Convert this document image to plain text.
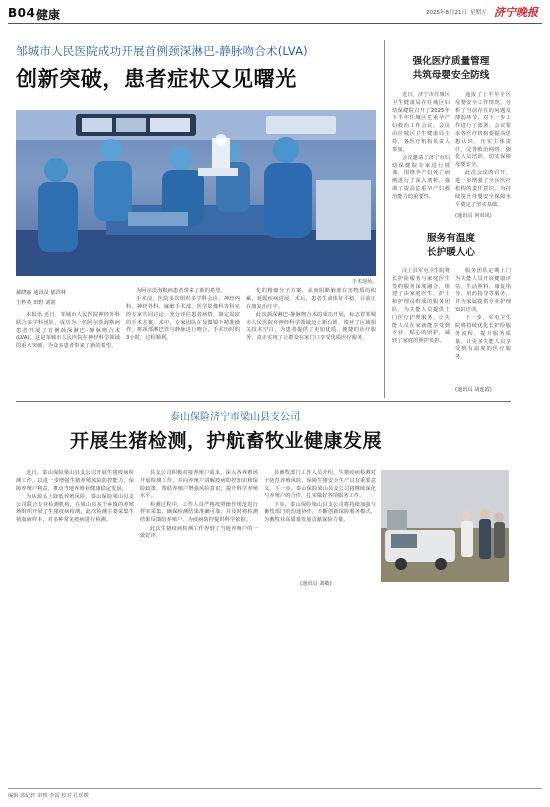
B04 健康	2025年8月21日 星期五 济宁晚报
邹城市人民医院成功开展首例颈深淋巴-静脉吻合术(LVA)
创新突破，患者症状又见曙光
手术现场。
郝晓丽 通讯员 郁洪林
王秒英 田野 刘润

本报讯 近日，邹城市人民医院神经外科联合多学科团队，成功为一名阿尔茨海默病患者开展了首例颈深淋巴-静脉吻合术(LVA)。这是邹城市人民医院在神经科学领域的重大突破，为众多患者带来了新的希望。

为阿尔茨海默病患者带来了新的希望。

手术前，医院多次组织多学科会诊，神经内科、神经外科、麻醉手术部、医学影像科等科室的专家共同讨论，充分评估患者病情，制定周密的手术方案。术中，专家团队在显微镜下精准操作，将颈部淋巴管与静脉进行吻合，手术历时约3小时，过程顺利。

化的精细分子方案，从而阻断脑部有害物质的积累，延缓疾病进展。术后，患者生命体征平稳，目前正在康复治疗中。

此次颈深淋巴-静脉吻合术的成功开展，标志着邹城市人民医院在神经科学领域迈上新台阶，填补了区域相关技术空白，为患者提供了更加优质、便捷的诊疗服务，真正实现了让群众在家门口享受优质医疗服务。

强化医疗质量管理
共筑母婴安全防线

近日，济宁市任城区卫生健康局在任城区妇幼保健院召开了2025年下半年任城区危重孕产妇救治工作会议。会议由任城区卫生健康局主持，各医疗机构负责人参加。

会议邀请了济宁市妇幼保健院专家进行授课，围绕孕产妇死亡病例进行了深入剖析，强调了提高危重孕产妇救治能力的重要性。

通报了上半年全区母婴安全工作情况，分析了当前存在的问题及薄弱环节，对下一步工作进行了部署。会议要求各医疗机构要提高思想认识，压实主体责任，完善救治网络，强化人员培训，切实保障母婴安全。

此次会议的召开，进一步增强了全区医疗机构的责任意识，为持续提升母婴安全保障水平奠定了坚实基础。

(通讯员 何双凤)
服务有温度
长护暖人心

汶上县军屯卫生院将长护险服务与家庭医生签约服务深度融合，组建了由家庭医生、护士和护理员组成的服务团队，为失能人员提供上门医疗护理服务，让失能人员在家就能享受到专业、贴心的照护，减轻了家庭的照护负担。

服务团队定期上门为失能人员开展健康评估、生活照料、康复指导、用药指导等服务，并为家属提供专业护理知识培训。

下一步，军屯卫生院将持续优化长护险服务流程，提升服务质量，让更多失能人员享受到有温度的医疗服务。

(通讯员 胡连霞)
泰山保险济宁市梁山县支公司
开展生猪检测，护航畜牧业健康发展

近日，泰山保险梁山县支公司开展生猪疫病检测工作，以进一步增强生猪养殖风险防控能力，保障养殖户利益，推动当地养殖业健康稳定发展。

为从源头上降低养殖风险，泰山保险梁山县支公司联合专业检测机构，在梁山县多个乡镇的养殖场组织开展了生猪疫病检测。此次检测主要采集生猪血液样本，对多种常见疫病进行检测。

县支公司积极对接养殖户需求，深入各养殖场开展检测工作，并向养殖户讲解疫病防控知识和保险政策，帮助养殖户增强风险意识，提升科学养殖水平。

检测过程中，工作人员严格按照操作规范进行样本采集，确保检测结果准确可靠，并及时将检测结果反馈给养殖户，为疫病防控提供科学依据。

此次生猪疫病检测工作得到了当地养殖户的一致好评，

县畜牧部门工作人员介绍，生猪疫病检测对于防范养殖风险、保障生猪安全生产具有重要意义。下一步，泰山保险梁山县支公司将继续深化与养殖户的合作，扎实做好各项服务工作。

下步，泰山保险梁山县支公司将持续加强与畜牧部门的沟通协作，不断创新保险服务模式，为畜牧业高质量发展贡献保险力量。

(通讯员 刘敏)
编辑 郭纪轩 审核 李霞 校对 孔瑶媛
